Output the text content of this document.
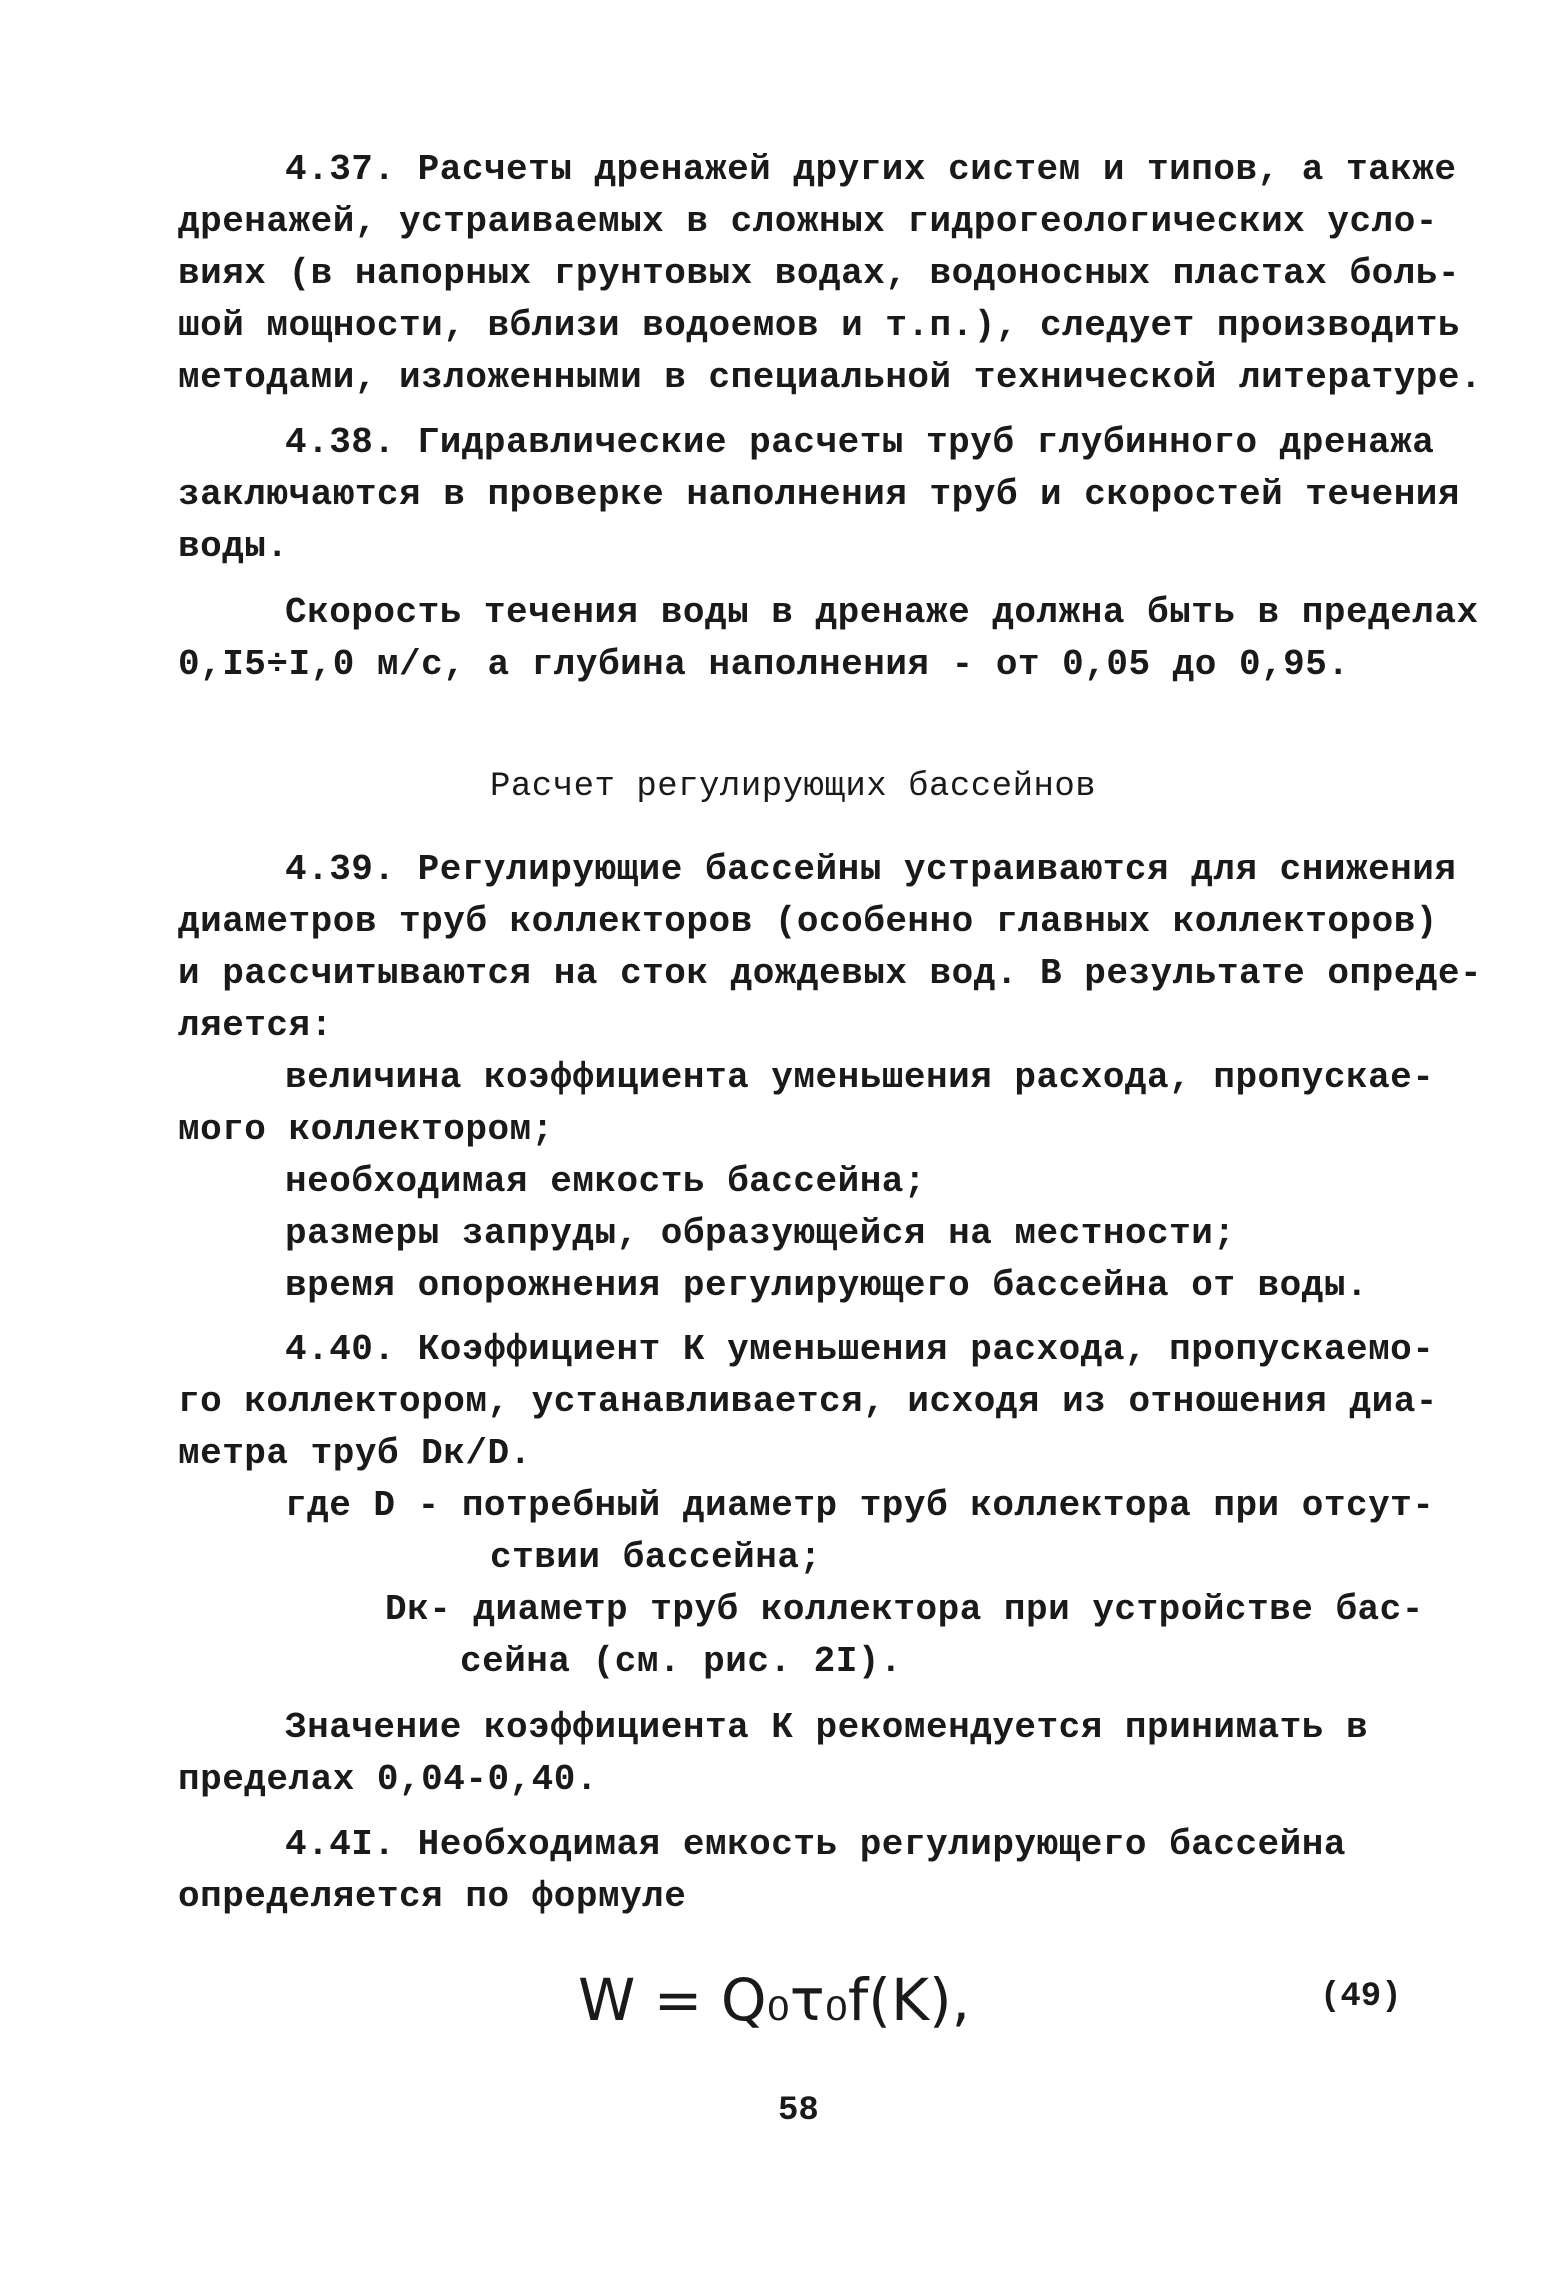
4.37. Расчеты дренажей других систем и типов, а также
дренажей, устраиваемых в сложных гидрогеологических усло-
виях (в напорных грунтовых водах, водоносных пластах боль-
шой мощности, вблизи водоемов и т.п.), следует производить
методами, изложенными в специальной технической литературе.
4.38. Гидравлические расчеты труб глубинного дренажа
заключаются в проверке наполнения труб и скоростей течения
воды.
Скорость течения воды в дренаже должна быть в пределах
0,I5÷I,0 м/с, а глубина наполнения - от 0,05 до 0,95.
Расчет регулирующих бассейнов
4.39. Регулирующие бассейны устраиваются для снижения
диаметров труб коллекторов (особенно главных коллекторов)
и рассчитываются на сток дождевых вод. В результате опреде-
ляется:
величина коэффициента уменьшения расхода, пропускае-
мого коллектором;
необходимая емкость бассейна;
размеры запруды, образующейся на местности;
время опорожнения регулирующего бассейна от воды.
4.40. Коэффициент К уменьшения расхода, пропускаемо-
го коллектором, устанавливается, исходя из отношения диа-
метра труб Dк/D.
где D - потребный диаметр труб коллектора при отсут-
ствии бассейна;
Dк- диаметр труб коллектора при устройстве бас-
сейна (см. рис. 2I).
Значение коэффициента К рекомендуется принимать в
пределах 0,04-0,40.
4.4I. Необходимая емкость регулирующего бассейна
определяется по формуле
W = Q₀τ₀f(K),	(49)
58
